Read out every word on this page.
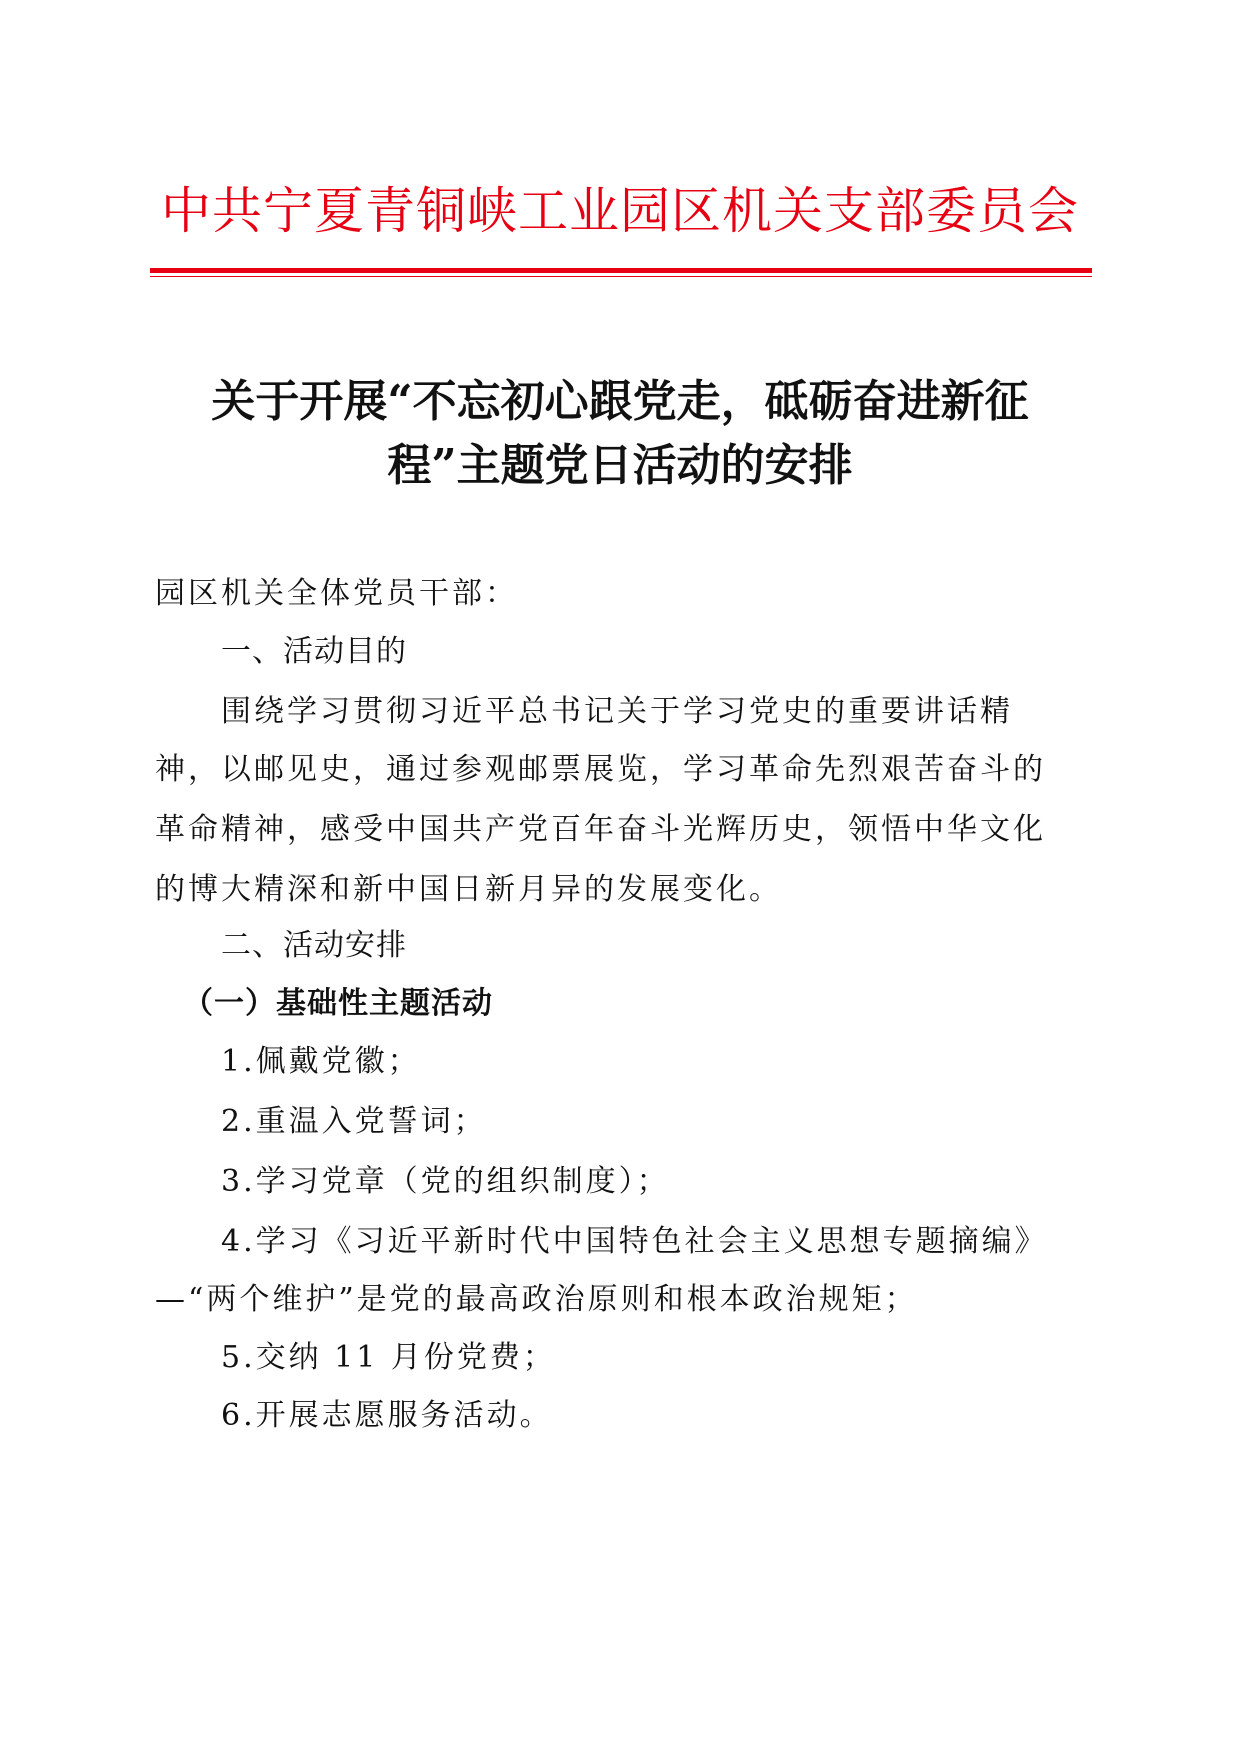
中共宁夏青铜峡工业园区机关支部委员会
关于开展“不忘初心跟党走，砥砺奋进新征
程”主题党日活动的安排
园区机关全体党员干部：
一、活动目的
围绕学习贯彻习近平总书记关于学习党史的重要讲话精
神，以邮见史，通过参观邮票展览，学习革命先烈艰苦奋斗的
革命精神，感受中国共产党百年奋斗光辉历史，领悟中华文化
的博大精深和新中国日新月异的发展变化。
二、活动安排
（一）基础性主题活动
1.佩戴党徽；
2.重温入党誓词；
3.学习党章（党的组织制度）；
4.学习《习近平新时代中国特色社会主义思想专题摘编》
—“两个维护”是党的最高政治原则和根本政治规矩；
5.交纳 11 月份党费；
6.开展志愿服务活动。
